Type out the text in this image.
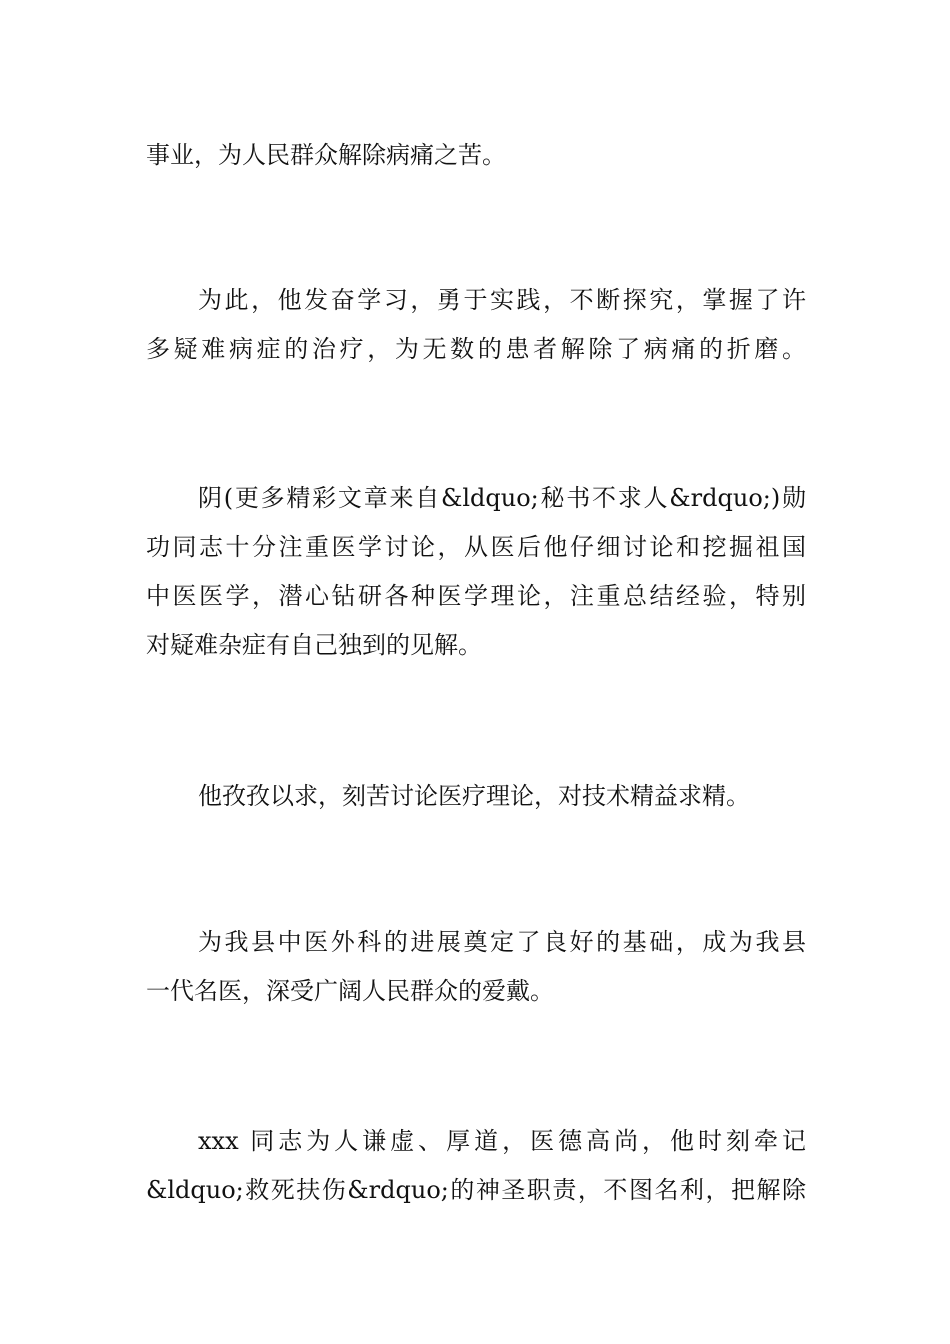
事业，为人民群众解除病痛之苦。

为此，他发奋学习，勇于实践，不断探究，掌握了许
多疑难病症的治疗，为无数的患者解除了病痛的折磨。

阴(更多精彩文章来自&ldquo;秘书不求人&rdquo;)勋
功同志十分注重医学讨论，从医后他仔细讨论和挖掘祖国
中医医学，潜心钻研各种医学理论，注重总结经验，特别
对疑难杂症有自己独到的见解。

他孜孜以求，刻苦讨论医疗理论，对技术精益求精。

为我县中医外科的进展奠定了良好的基础，成为我县
一代名医，深受广阔人民群众的爱戴。

xxx 同志为人谦虚、厚道，医德高尚，他时刻牵记
&ldquo;救死扶伤&rdquo;的神圣职责，不图名利，把解除
